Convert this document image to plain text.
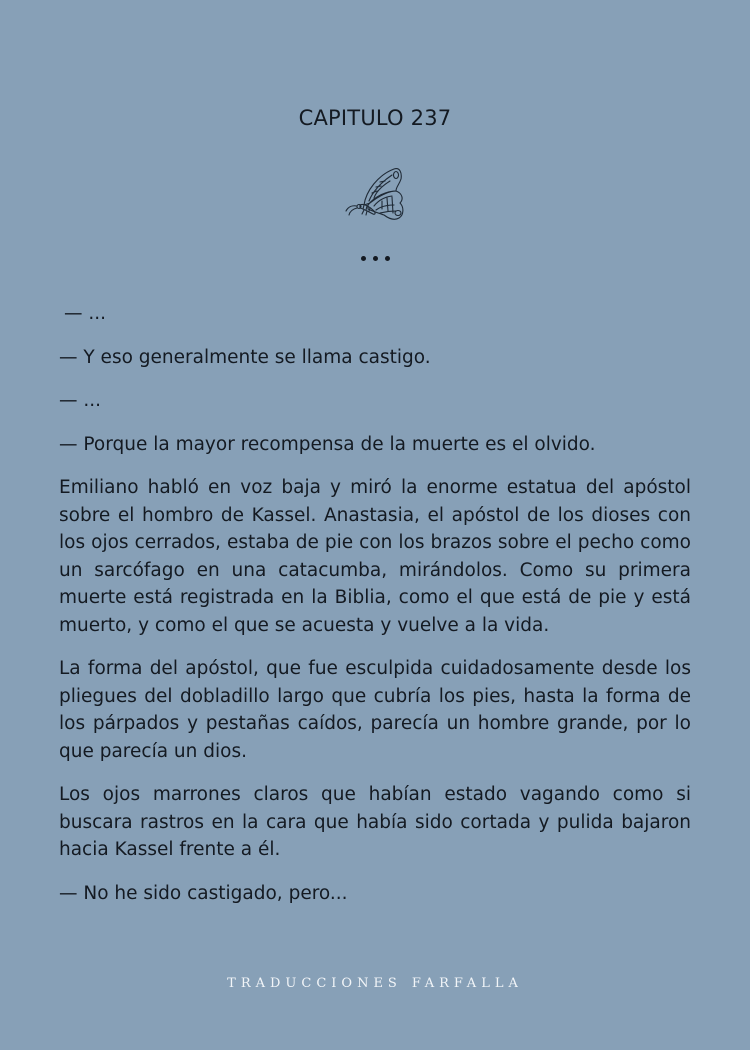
CAPITULO 237

— ...

— Y eso generalmente se llama castigo.

— ...

— Porque la mayor recompensa de la muerte es el olvido.

Emiliano habló en voz baja y miró la enorme estatua del apóstol sobre el hombro de Kassel. Anastasia, el apóstol de los dioses con los ojos cerrados, estaba de pie con los brazos sobre el pecho como un sarcófago en una catacumba, mirándolos. Como su primera muerte está registrada en la Biblia, como el que está de pie y está muerto, y como el que se acuesta y vuelve a la vida.

La forma del apóstol, que fue esculpida cuidadosamente desde los pliegues del dobladillo largo que cubría los pies, hasta la forma de los párpados y pestañas caídos, parecía un hombre grande, por lo que parecía un dios.

Los ojos marrones claros que habían estado vagando como si buscara rastros en la cara que había sido cortada y pulida bajaron hacia Kassel frente a él.

— No he sido castigado, pero...

TRADUCCIONES FARFALLA
